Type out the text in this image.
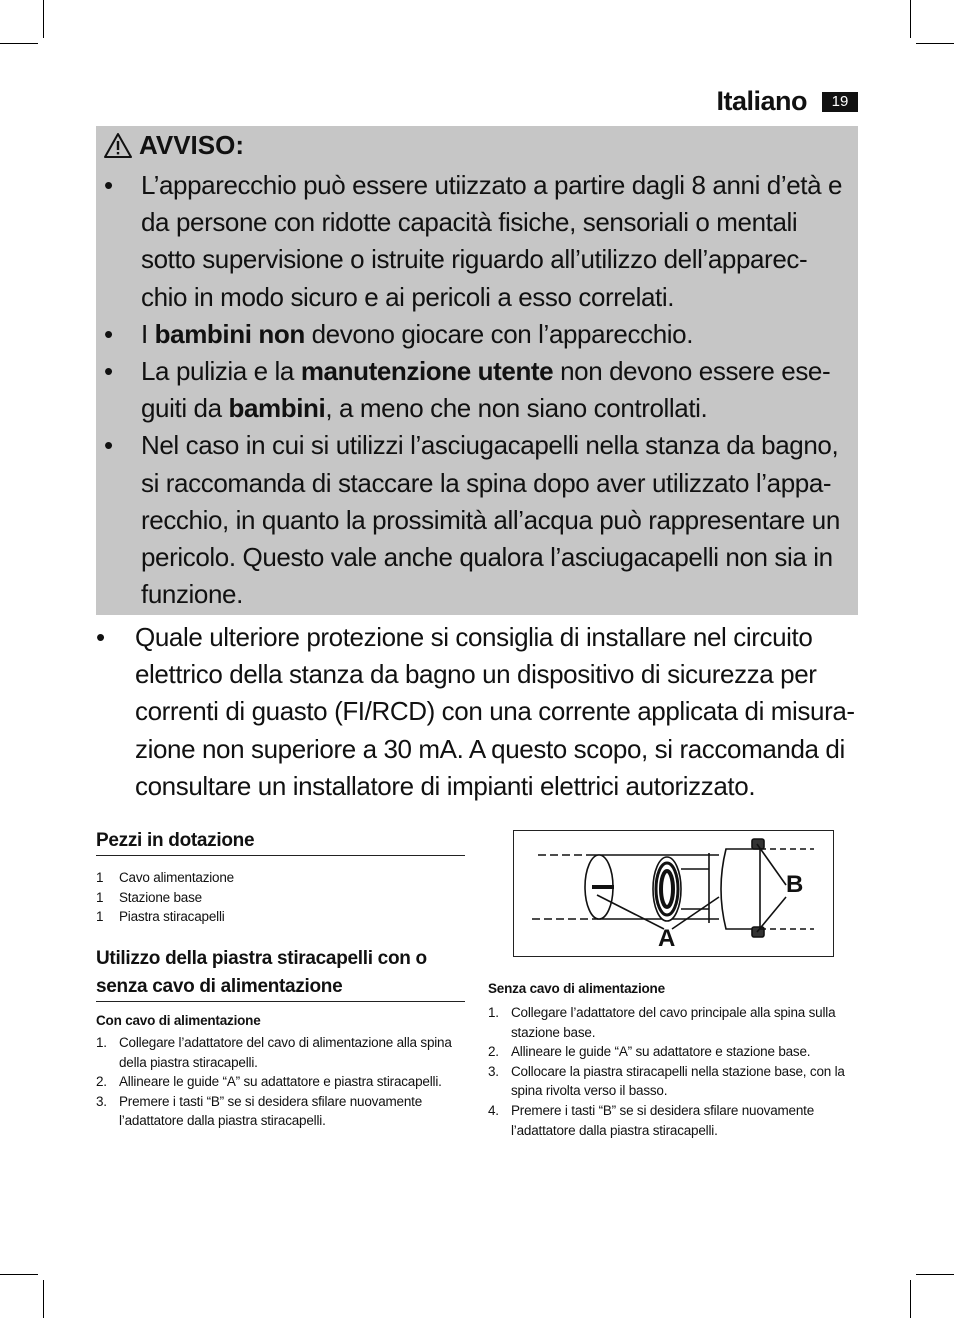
Italiano	19
AVVISO:
• L’apparecchio può essere utiizzato a partire dagli 8 anni d’età e da persone con ridotte capacità fisiche, sensoriali o mentali sotto supervisione o istruite riguardo all’utilizzo dell’apparec-chio in modo sicuro e ai pericoli a esso correlati.
• I bambini non devono giocare con l’apparecchio.
• La pulizia e la manutenzione utente non devono essere ese-guiti da bambini, a meno che non siano controllati.
• Nel caso in cui si utilizzi l’asciugacapelli nella stanza da bagno, si raccomanda di staccare la spina dopo aver utilizzato l’appa-recchio, in quanto la prossimità all’acqua può rappresentare un pericolo. Questo vale anche qualora l’asciugacapelli non sia in funzione.
• Quale ulteriore protezione si consiglia di installare nel circuito elettrico della stanza da bagno un dispositivo di sicurezza per correnti di guasto (FI/RCD) con una corrente applicata di misura-zione non superiore a 30 mA. A questo scopo, si raccomanda di consultare un installatore di impianti elettrici autorizzato.
Pezzi in dotazione
1 Cavo alimentazione
1 Stazione base
1 Piastra stiracapelli
Utilizzo della piastra stiracapelli con o senza cavo di alimentazione
Con cavo di alimentazione
1. Collegare l’adattatore del cavo di alimentazione alla spina della piastra stiracapelli.
2. Allineare le guide “A” su adattatore e piastra stiracapelli.
3. Premere i tasti “B” se si desidera sfilare nuovamente l’adattatore dalla piastra stiracapelli.
A
B
Senza cavo di alimentazione
1. Collegare l’adattatore del cavo principale alla spina sulla stazione base.
2. Allineare le guide “A” su adattatore e stazione base.
3. Collocare la piastra stiracapelli nella stazione base, con la spina rivolta verso il basso.
4. Premere i tasti “B” se si desidera sfilare nuovamente l’adattatore dalla piastra stiracapelli.
